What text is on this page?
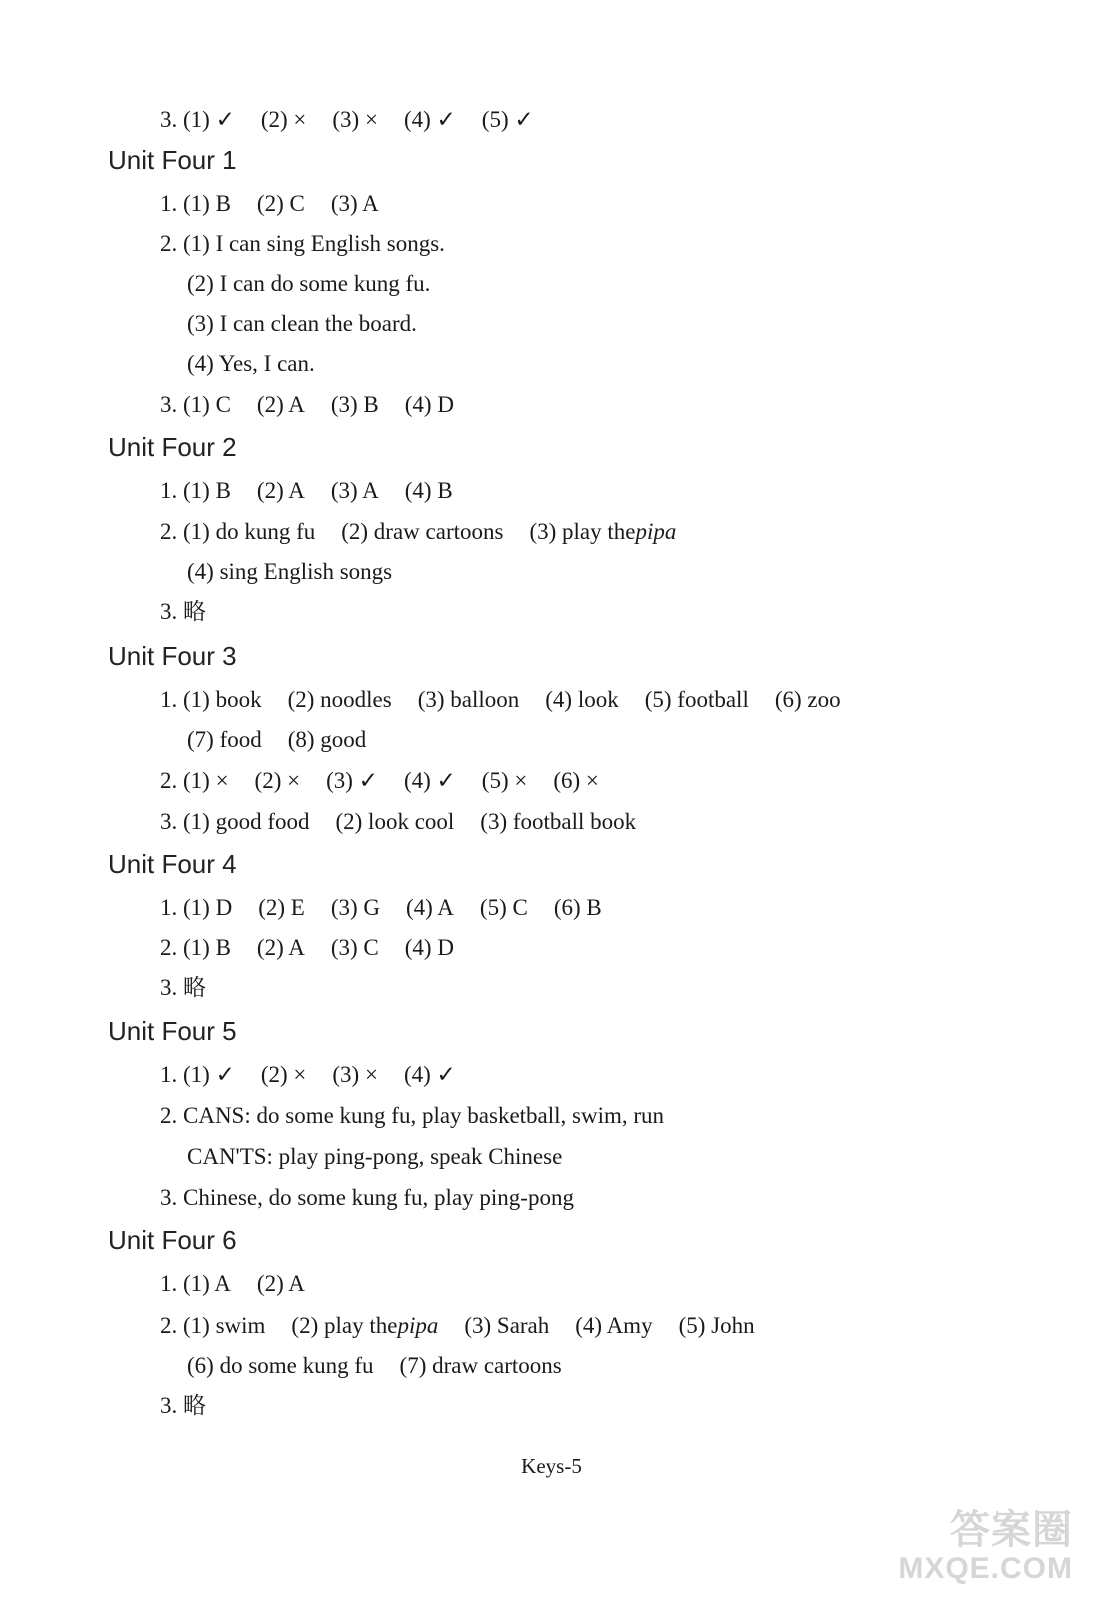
3. (1) ✓ (2) × (3) × (4) ✓ (5) ✓
Unit Four 1
1. (1) B (2) C (3) A
2. (1) I can sing English songs.
(2) I can do some kung fu.
(3) I can clean the board.
(4) Yes, I can.
3. (1) C (2) A (3) B (4) D
Unit Four 2
1. (1) B (2) A (3) A (4) B
2. (1) do kung fu (2) draw cartoons (3) play thepipa
(4) sing English songs
3. 略
Unit Four 3
1. (1) book (2) noodles (3) balloon (4) look (5) football (6) zoo
(7) food (8) good
2. (1) × (2) × (3) ✓ (4) ✓ (5) × (6) ×
3. (1) good food (2) look cool (3) football book
Unit Four 4
1. (1) D (2) E (3) G (4) A (5) C (6) B
2. (1) B (2) A (3) C (4) D
3. 略
Unit Four 5
1. (1) ✓ (2) × (3) × (4) ✓
2. CANS: do some kung fu, play basketball, swim, run
CAN'TS: play ping-pong, speak Chinese
3. Chinese, do some kung fu, play ping-pong
Unit Four 6
1. (1) A (2) A
2. (1) swim (2) play thepipa (3) Sarah (4) Amy (5) John
(6) do some kung fu (7) draw cartoons
3. 略
Keys-5
答案圈
MXQE.COM
